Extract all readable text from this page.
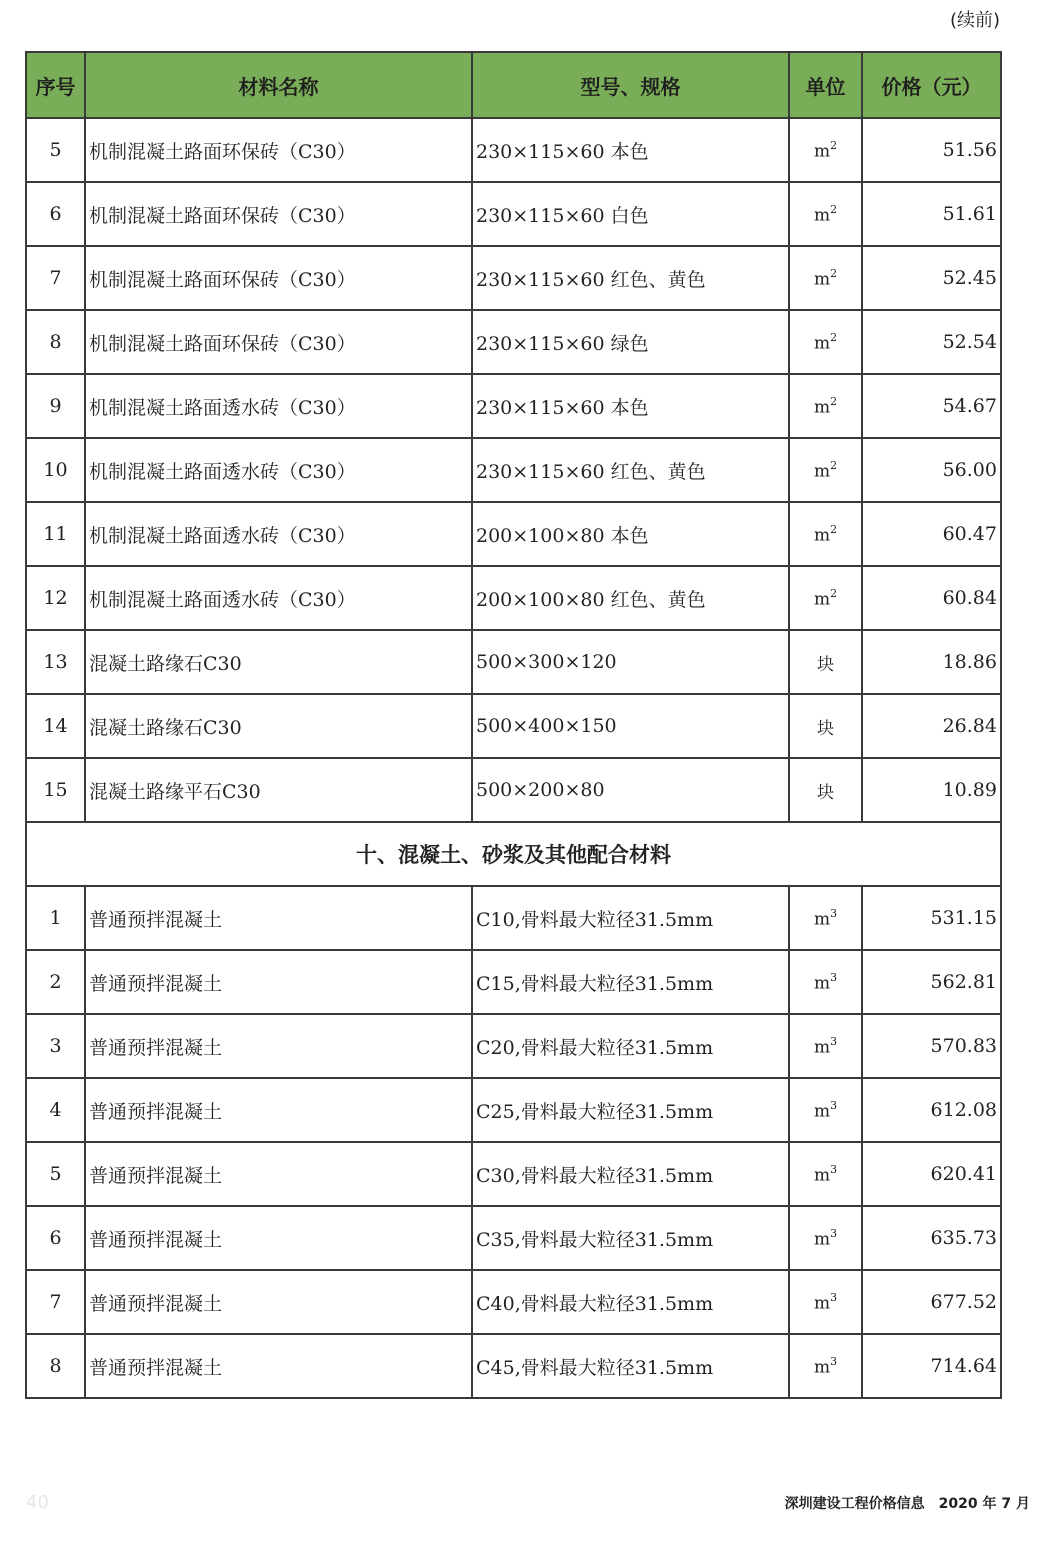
(续前)
序号	材料名称	型号、规格	单位	价格（元）
5	机制混凝土路面环保砖（C30）	230×115×60 本色	$m^2$	51.56
6	机制混凝土路面环保砖（C30）	230×115×60 白色	$m^2$	51.61
7	机制混凝土路面环保砖（C30）	230×115×60 红色、黄色	$m^2$	52.45
8	机制混凝土路面环保砖（C30）	230×115×60 绿色	$m^2$	52.54
9	机制混凝土路面透水砖（C30）	230×115×60 本色	$m^2$	54.67
10	机制混凝土路面透水砖（C30）	230×115×60 红色、黄色	$m^2$	56.00
11	机制混凝土路面透水砖（C30）	200×100×80 本色	$m^2$	60.47
12	机制混凝土路面透水砖（C30）	200×100×80 红色、黄色	$m^2$	60.84
13	混凝土路缘石C30	500×300×120	块	18.86
14	混凝土路缘石C30	500×400×150	块	26.84
15	混凝土路缘平石C30	500×200×80	块	10.89
十、混凝土、砂浆及其他配合材料				
1	普通预拌混凝土	C10,骨料最大粒径31.5mm	$m^3$	531.15
2	普通预拌混凝土	C15,骨料最大粒径31.5mm	$m^3$	562.81
3	普通预拌混凝土	C20,骨料最大粒径31.5mm	$m^3$	570.83
4	普通预拌混凝土	C25,骨料最大粒径31.5mm	$m^3$	612.08
5	普通预拌混凝土	C30,骨料最大粒径31.5mm	$m^3$	620.41
6	普通预拌混凝土	C35,骨料最大粒径31.5mm	$m^3$	635.73
7	普通预拌混凝土	C40,骨料最大粒径31.5mm	$m^3$	677.52
8	普通预拌混凝土	C45,骨料最大粒径31.5mm	$m^3$	714.64
40	深圳建设工程价格信息　2020 年 7 月
